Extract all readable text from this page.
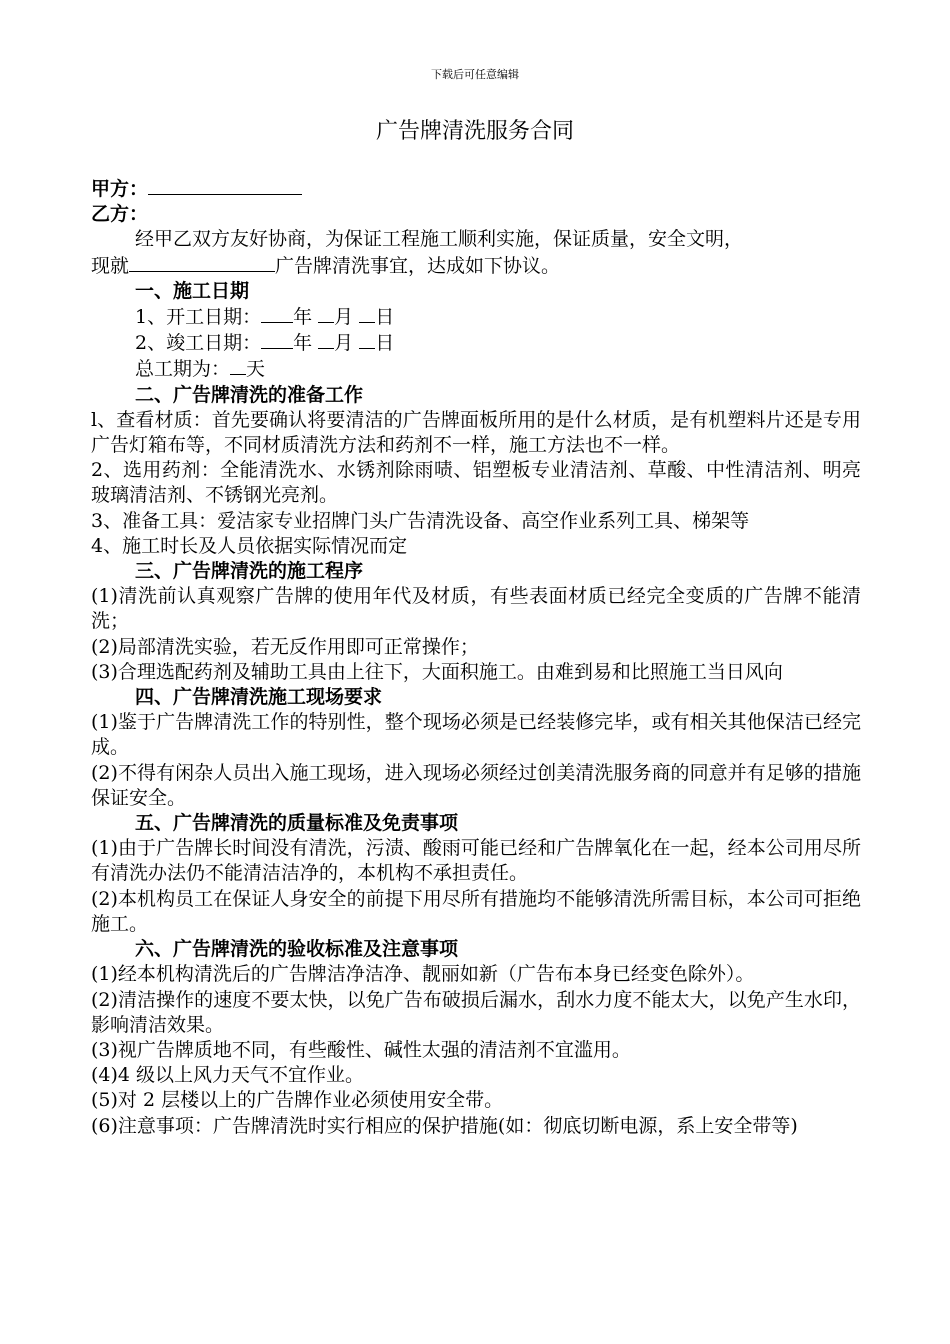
下载后可任意编辑
广告牌清洗服务合同
甲方：
乙方：
经甲乙双方友好协商，为保证工程施工顺利实施，保证质量，安全文明，
现就	广告牌清洗事宜，达成如下协议。
一、施工日期
1、开工日期： 年 月 日
2、竣工日期： 年 月 日
总工期为： 天
二、广告牌清洗的准备工作
l、查看材质：首先要确认将要清洁的广告牌面板所用的是什么材质，是有机塑料片还是专用广告灯箱布等，不同材质清洗方法和药剂不一样，施工方法也不一样。
2、选用药剂：全能清洗水、水锈剂除雨啧、铝塑板专业清洁剂、草酸、中性清洁剂、明亮玻璃清洁剂、不锈钢光亮剂。
3、准备工具：爱洁家专业招牌门头广告清洗设备、高空作业系列工具、梯架等
4、施工时长及人员依据实际情况而定
三、广告牌清洗的施工程序
(1)清洗前认真观察广告牌的使用年代及材质，有些表面材质已经完全变质的广告牌不能清洗；
(2)局部清洗实验，若无反作用即可正常操作；
(3)合理选配药剂及辅助工具由上往下，大面积施工。由难到易和比照施工当日风向
四、广告牌清洗施工现场要求
(1)鉴于广告牌清洗工作的特别性，整个现场必须是已经装修完毕，或有相关其他保洁已经完成。
(2)不得有闲杂人员出入施工现场，进入现场必须经过创美清洗服务商的同意并有足够的措施保证安全。
五、广告牌清洗的质量标准及免责事项
(1)由于广告牌长时间没有清洗，污渍、酸雨可能已经和广告牌氧化在一起，经本公司用尽所有清洗办法仍不能清洁洁净的，本机构不承担责任。
(2)本机构员工在保证人身安全的前提下用尽所有措施均不能够清洗所需目标，本公司可拒绝施工。
六、广告牌清洗的验收标准及注意事项
(1)经本机构清洗后的广告牌洁净洁净、靓丽如新（广告布本身已经变色除外）。
(2)清洁操作的速度不要太快，以免广告布破损后漏水，刮水力度不能太大，以免产生水印，影响清洁效果。
(3)视广告牌质地不同，有些酸性、碱性太强的清洁剂不宜滥用。
(4)4 级以上风力天气不宜作业。
(5)对 2 层楼以上的广告牌作业必须使用安全带。
(6)注意事项：广告牌清洗时实行相应的保护措施(如：彻底切断电源，系上安全带等)
